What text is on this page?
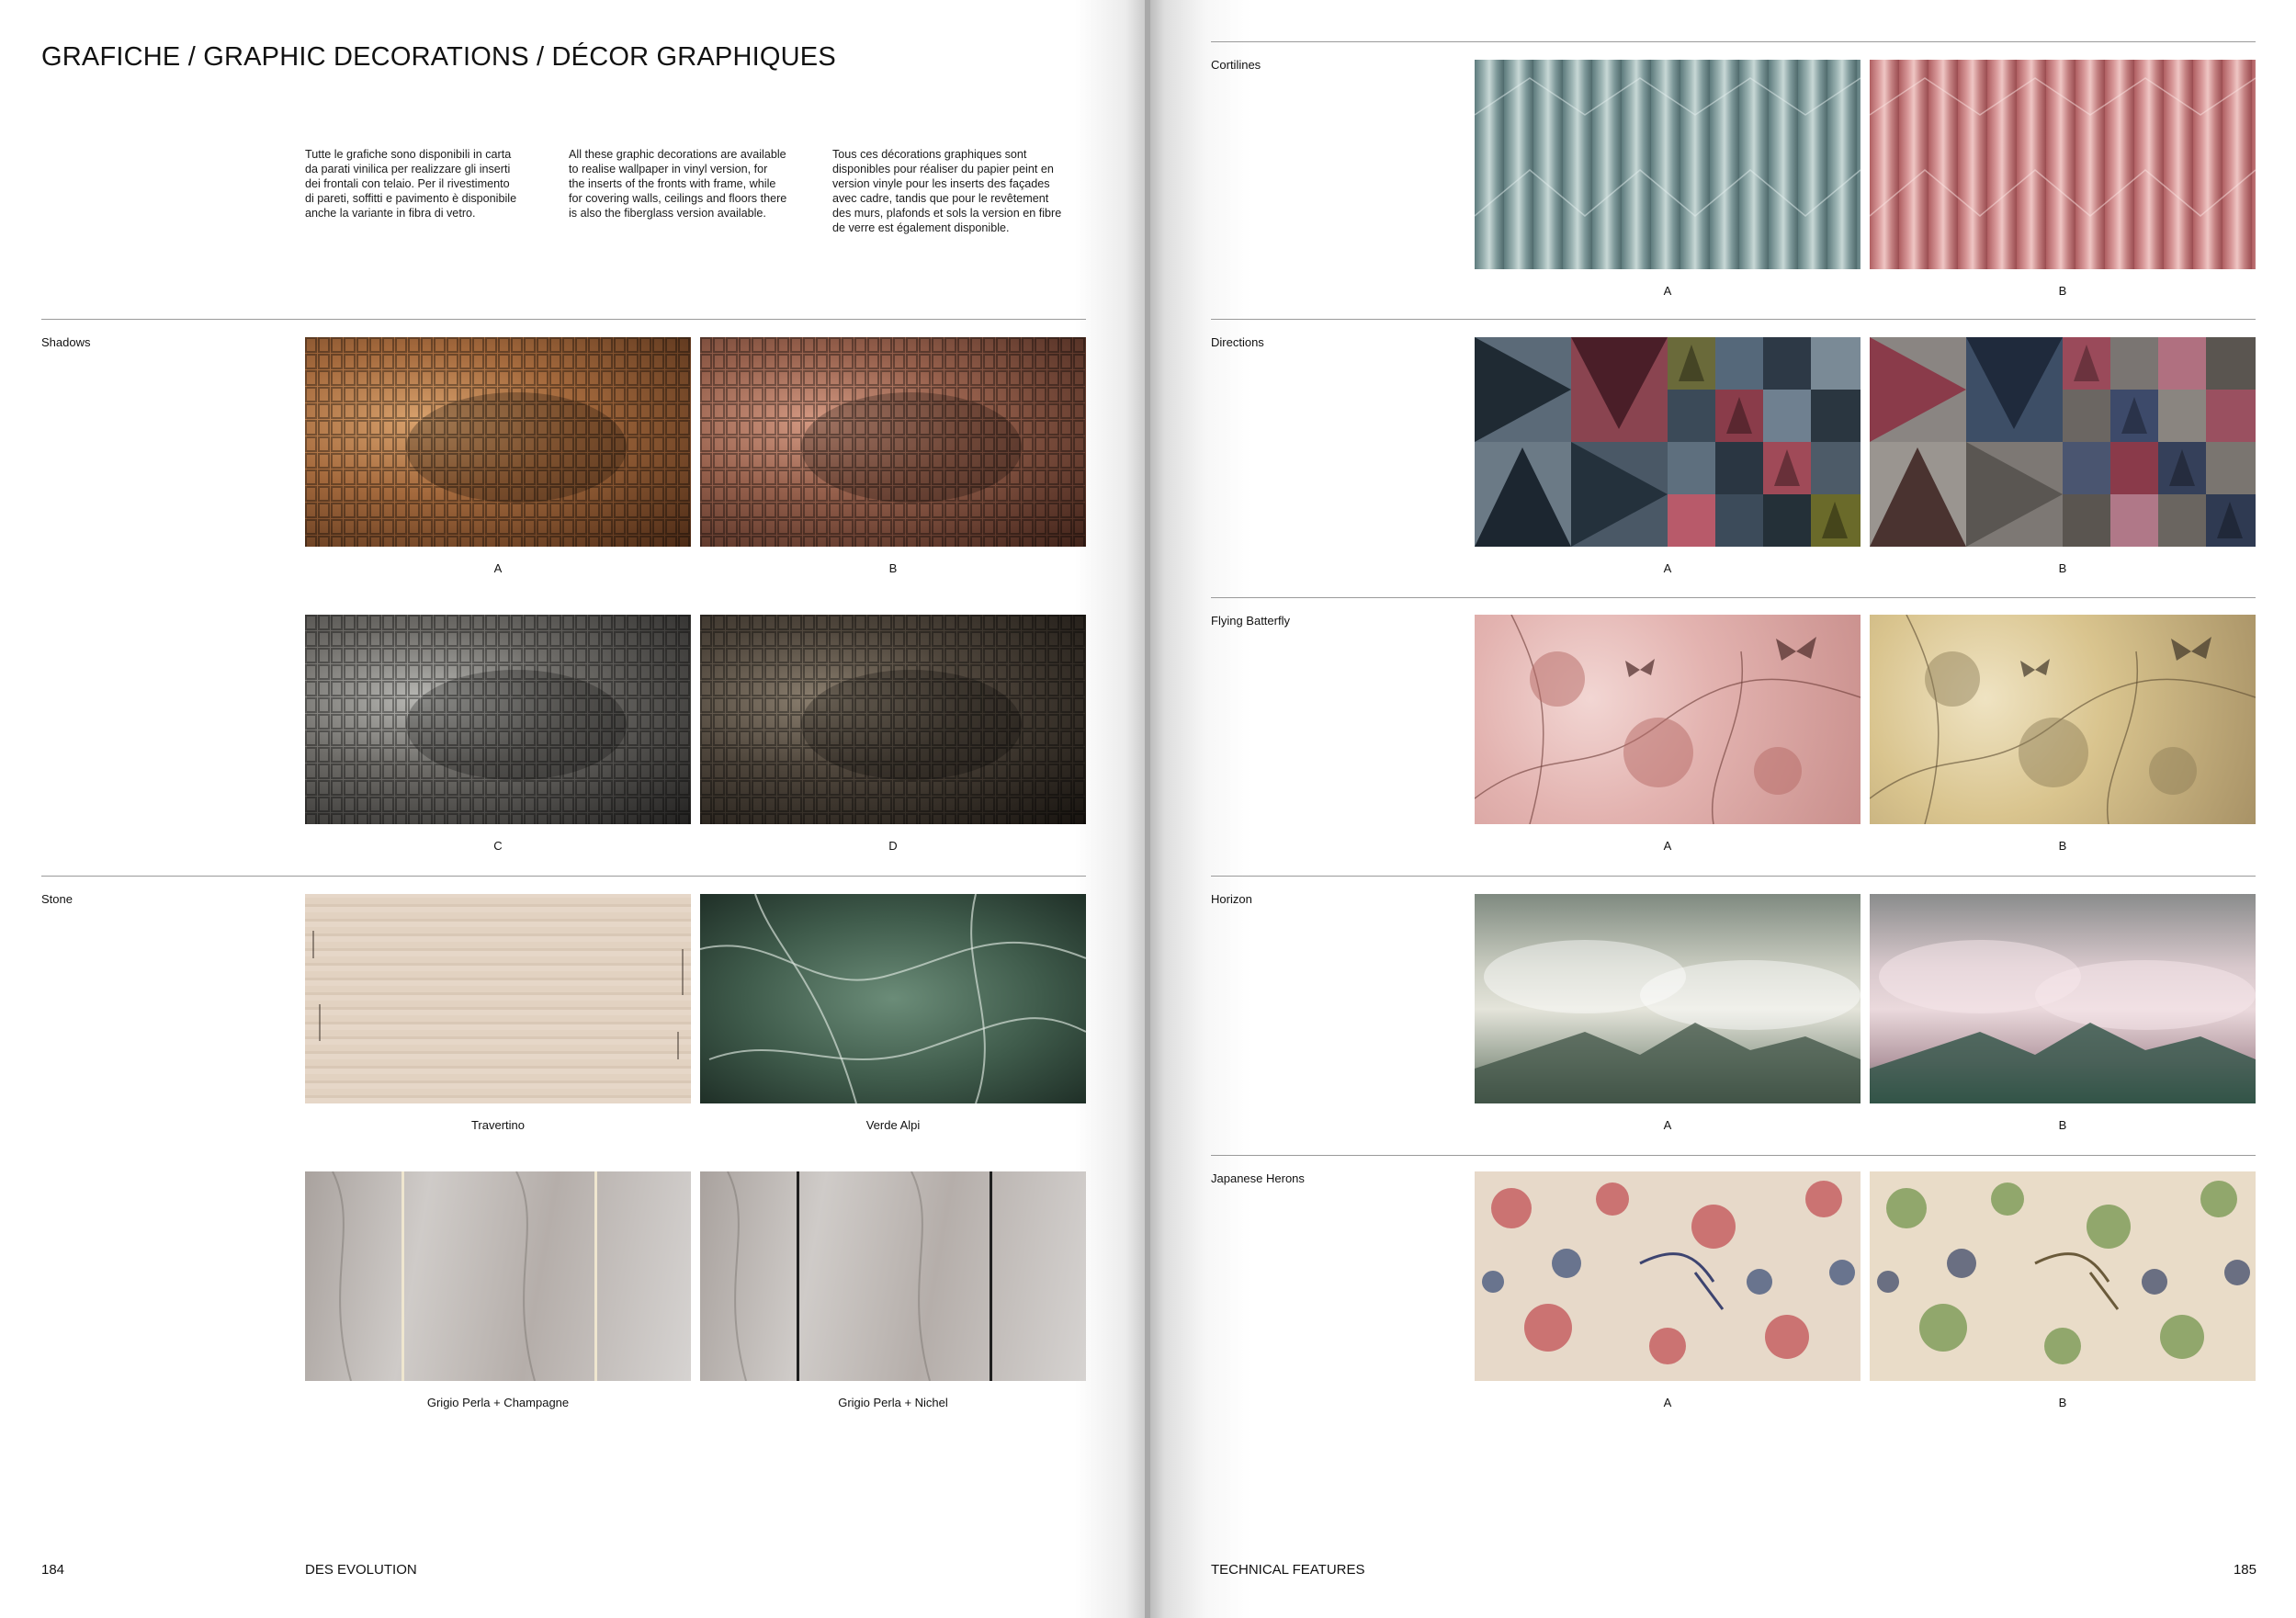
GRAFICHE / GRAPHIC DECORATIONS / DÉCOR GRAPHIQUES
Tutte le grafiche sono disponibili in carta
da parati vinilica per realizzare gli inserti
dei frontali con telaio. Per il rivestimento
di pareti, soffitti e pavimento è disponibile
anche la variante in fibra di vetro.
All these graphic decorations are available
to realise wallpaper in vinyl version, for
the inserts of the fronts with frame, while
for covering walls, ceilings and floors there
is also the fiberglass version available.
Tous ces décorations graphiques sont
disponibles pour réaliser du papier peint en
version vinyle pour les inserts des façades
avec cadre, tandis que pour le revêtement
des murs, plafonds et sols la version en fibre
de verre est également disponible.
Shadows
A	B
C	D
Stone
Travertino	Verde Alpi
Grigio Perla + Champagne	Grigio Perla + Nichel
184	DES EVOLUTION
Cortilines
A	B
Directions
A	B
Flying Batterfly
A	B
Horizon
A	B
Japanese Herons
A	B
TECHNICAL FEATURES	185
